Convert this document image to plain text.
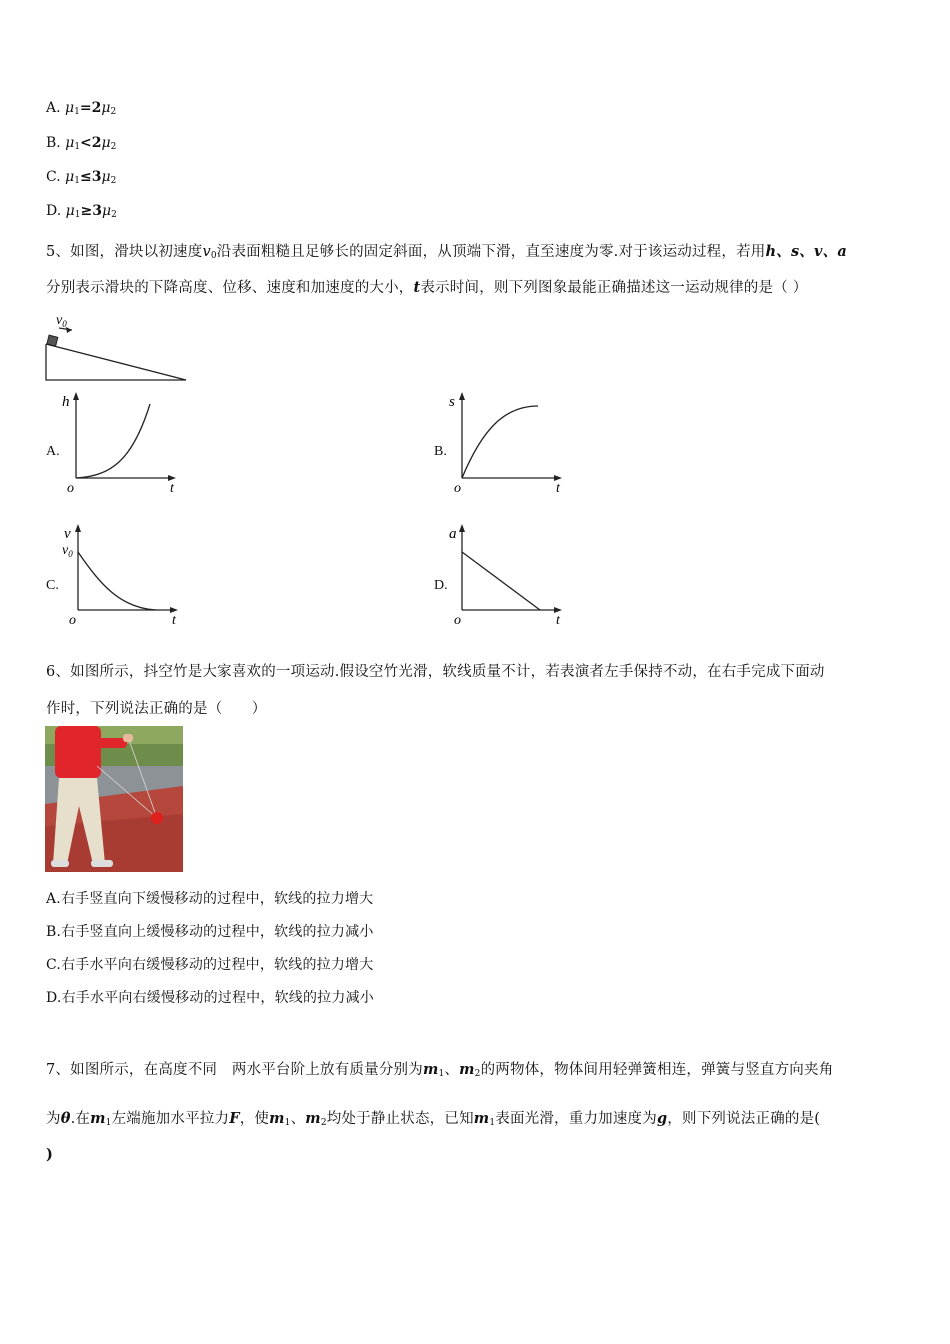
A. $\mu_1=2\mu_2$
B. $\mu_1<2\mu_2$
C. $\mu_1\le 3\mu_2$
D. $\mu_1\ge 3\mu_2$
5、如图，滑块以初速度$v_0$沿表面粗糙且足够长的固定斜面，从顶端下滑，直至速度为零.对于该运动过程，若用h、s、v、a
分别表示滑块的下降高度、位移、速度和加速度的大小，t表示时间，则下列图象最能正确描述这一运动规律的是（ ）
$v_0$
A.
h
o	t
B.
s
o	t
C.
v
$v_0$
o	t
D.
a
o	t
6、如图所示，抖空竹是大家喜欢的一项运动.假设空竹光滑，软线质量不计，若表演者左手保持不动，在右手完成下面动
作时，下列说法正确的是（　　）
A.右手竖直向下缓慢移动的过程中，软线的拉力增大
B.右手竖直向上缓慢移动的过程中，软线的拉力减小
C.右手水平向右缓慢移动的过程中，软线的拉力增大
D.右手水平向右缓慢移动的过程中，软线的拉力减小
7、如图所示，在高度不同　两水平台阶上放有质量分别为$m_1$、$m_2$的两物体，物体间用轻弹簧相连，弹簧与竖直方向夹角
为θ.在$m_1$左端施加水平拉力F，使$m_1$、$m_2$均处于静止状态，已知$m_1$表面光滑，重力加速度为g，则下列说法正确的是(
)
